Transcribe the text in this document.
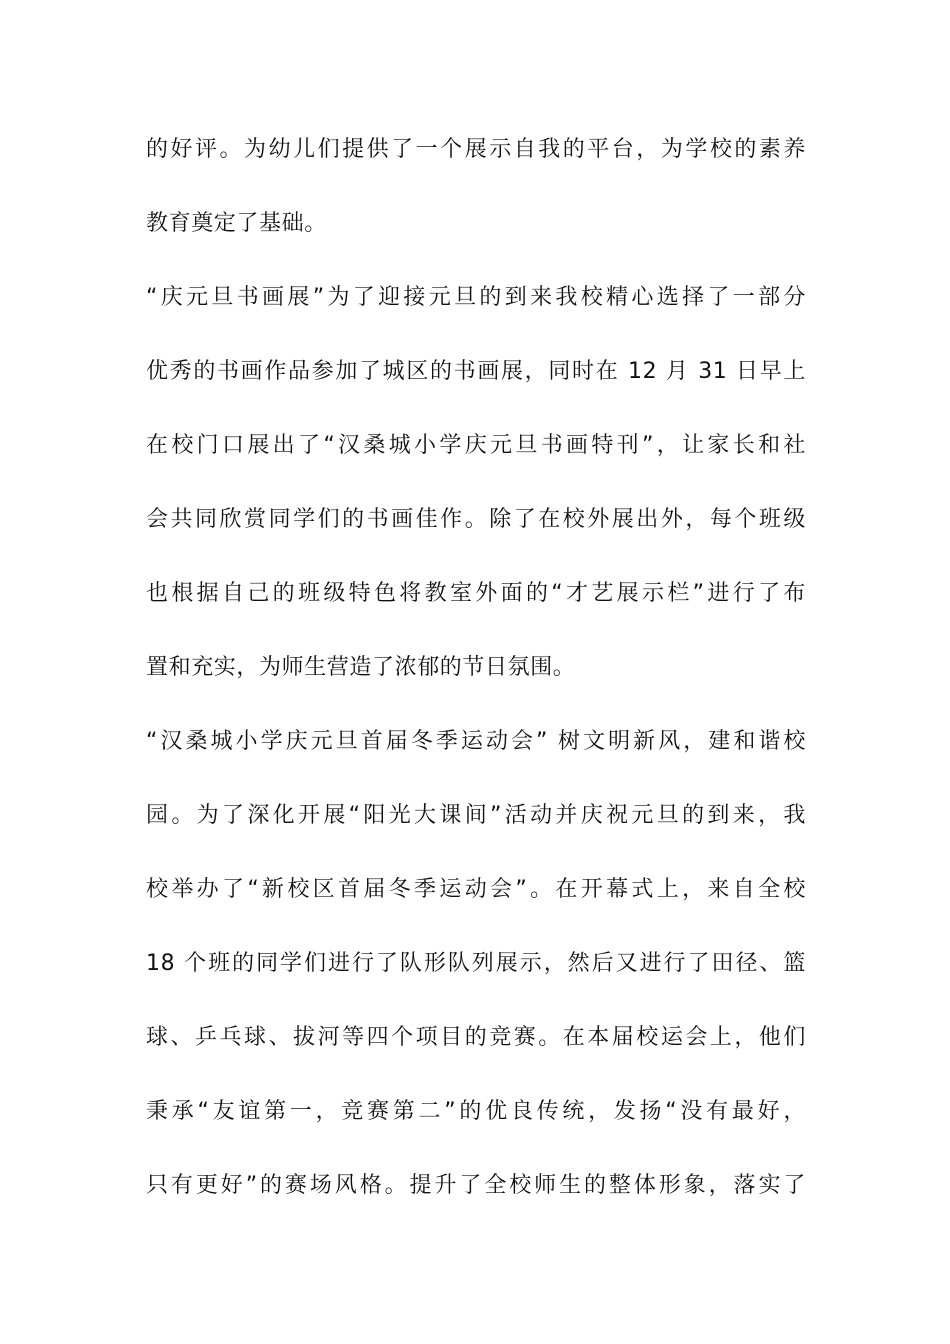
的好评。为幼儿们提供了一个展示自我的平台，为学校的素养
教育奠定了基础。
“庆元旦书画展”为了迎接元旦的到来我校精心选择了一部分
优秀的书画作品参加了城区的书画展，同时在 12 月 31 日早上
在校门口展出了“汉桑城小学庆元旦书画特刊”，让家长和社
会共同欣赏同学们的书画佳作。除了在校外展出外，每个班级
也根据自己的班级特色将教室外面的“才艺展示栏”进行了布
置和充实，为师生营造了浓郁的节日氛围。
“汉桑城小学庆元旦首届冬季运动会” 树文明新风，建和谐校
园。为了深化开展“阳光大课间”活动并庆祝元旦的到来，我
校举办了“新校区首届冬季运动会”。在开幕式上，来自全校
18 个班的同学们进行了队形队列展示，然后又进行了田径、篮
球、乒乓球、拔河等四个项目的竞赛。在本届校运会上，他们
秉承“友谊第一，竞赛第二”的优良传统，发扬“没有最好，
只有更好”的赛场风格。提升了全校师生的整体形象，落实了
